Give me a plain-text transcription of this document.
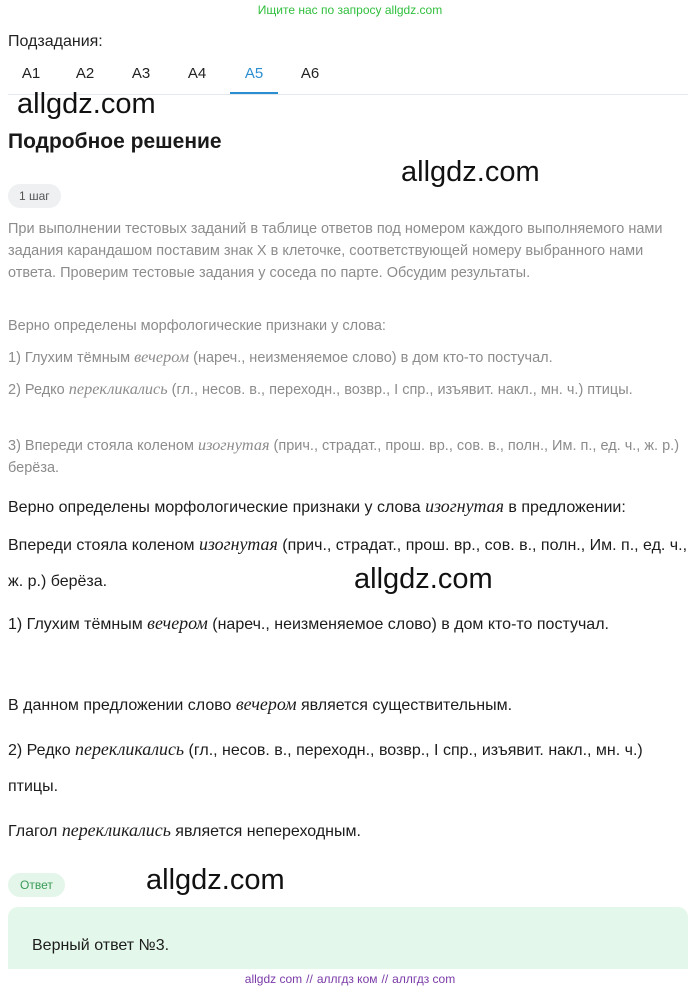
Ищите нас по запросу allgdz.com
Подзадания:
A1	A2	A3	A4	A5	A6
allgdz.com
Подробное решение
allgdz.com
1 шаг
При выполнении тестовых заданий в таблице ответов под номером каждого выполняемого нами задания карандашом поставим знак Х в клеточке, соответствующей номеру выбранного нами ответа. Проверим тестовые задания у соседа по парте. Обсудим результаты.
Верно определены морфологические признаки у слова:
1) Глухим тёмным вечером (нареч., неизменяемое слово) в дом кто-то постучал.
2) Редко перекликались (гл., несов. в., переходн., возвр., I спр., изъявит. накл., мн. ч.) птицы.
3) Впереди стояла коленом изогнутая (прич., страдат., прош. вр., сов. в., полн., Им. п., ед. ч., ж. р.) берёза.
Верно определены морфологические признаки у слова изогнутая в предложении: Впереди стояла коленом изогнутая (прич., страдат., прош. вр., сов. в., полн., Им. п., ед. ч., ж. р.) берёза.	allgdz.com
1) Глухим тёмным вечером (нареч., неизменяемое слово) в дом кто-то постучал.
В данном предложении слово вечером является существительным.
2) Редко перекликались (гл., несов. в., переходн., возвр., I спр., изъявит. накл., мн. ч.) птицы.
Глагол перекликались является непереходным.
Ответ	allgdz.com
Верный ответ №3.
allgdz com // аллгдз ком // аллгдз com
